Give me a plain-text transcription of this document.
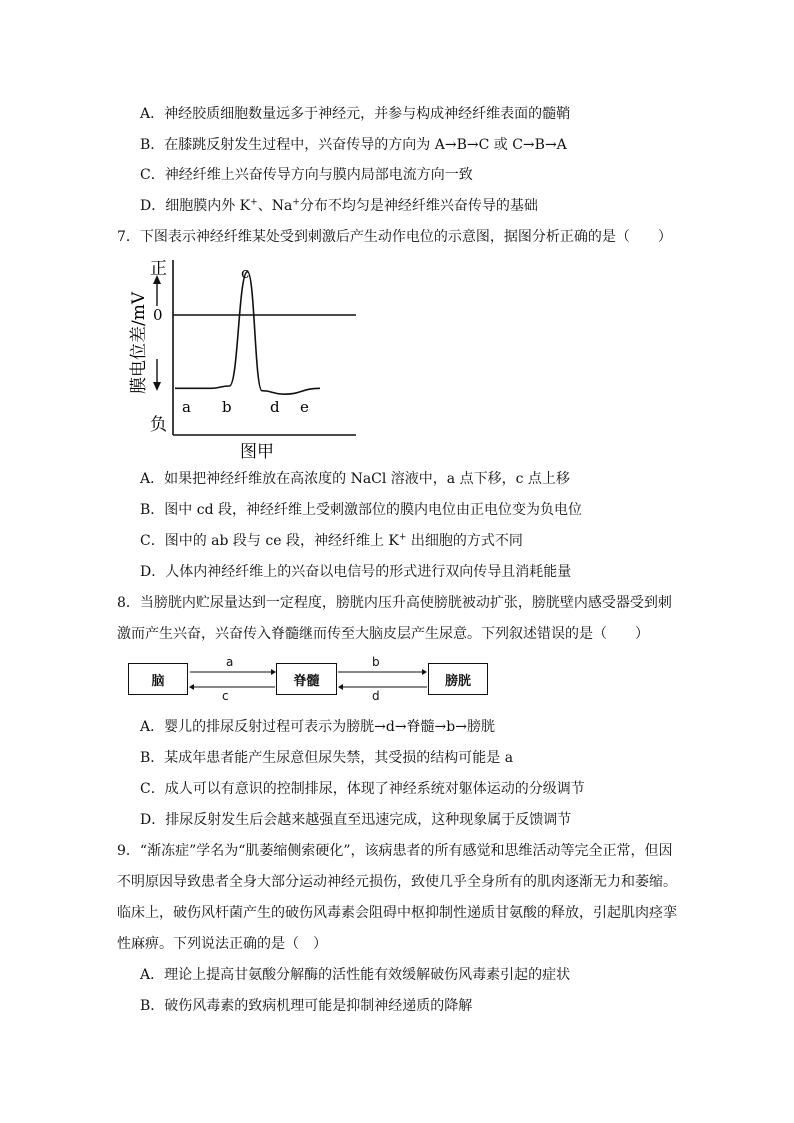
A．神经胶质细胞数量远多于神经元，并参与构成神经纤维表面的髓鞘
B．在膝跳反射发生过程中，兴奋传导的方向为 A→B→C 或 C→B→A
C．神经纤维上兴奋传导方向与膜内局部电流方向一致
D．细胞膜内外 K+、Na+分布不均匀是神经纤维兴奋传导的基础
7．下图表示神经纤维某处受到刺激后产生动作电位的示意图，据图分析正确的是（　　）
正
0
负
膜电位差/mV
a b
c
d e
图甲
A．如果把神经纤维放在高浓度的 NaCl 溶液中，a 点下移，c 点上移
B．图中 cd 段，神经纤维上受刺激部位的膜内电位由正电位变为负电位
C．图中的 ab 段与 ce 段，神经纤维上 K+ 出细胞的方式不同
D．人体内神经纤维上的兴奋以电信号的形式进行双向传导且消耗能量
8．当膀胱内贮尿量达到一定程度，膀胱内压升高使膀胱被动扩张，膀胱壁内感受器受到刺
激而产生兴奋，兴奋传入脊髓继而传至大脑皮层产生尿意。下列叙述错误的是（　　）
脑	脊髓	膀胱
a
c
b
d
A．婴儿的排尿反射过程可表示为膀胱→d→脊髓→b→膀胱
B．某成年患者能产生尿意但尿失禁，其受损的结构可能是 a
C．成人可以有意识的控制排尿，体现了神经系统对躯体运动的分级调节
D．排尿反射发生后会越来越强直至迅速完成，这种现象属于反馈调节
9．“渐冻症”学名为“肌萎缩侧索硬化”，该病患者的所有感觉和思维活动等完全正常，但因
不明原因导致患者全身大部分运动神经元损伤，致使几乎全身所有的肌肉逐渐无力和萎缩。
临床上，破伤风杆菌产生的破伤风毒素会阻碍中枢抑制性递质甘氨酸的释放，引起肌肉痉挛
性麻痹。下列说法正确的是（　）
A．理论上提高甘氨酸分解酶的活性能有效缓解破伤风毒素引起的症状
B．破伤风毒素的致病机理可能是抑制神经递质的降解
